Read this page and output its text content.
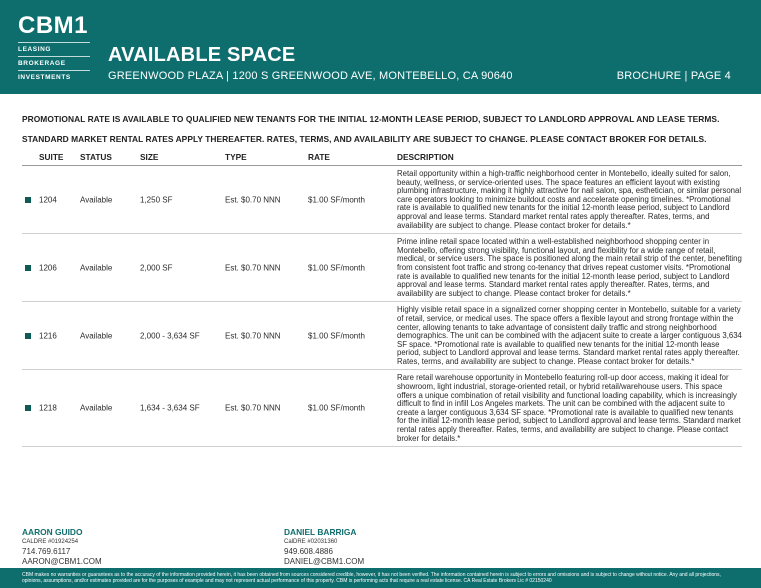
CBM1
LEASING
BROKERAGE
INVESTMENTS
AVAILABLE SPACE
GREENWOOD PLAZA | 1200 S GREENWOOD AVE, MONTEBELLO, CA 90640	BROCHURE | PAGE 4
PROMOTIONAL RATE IS AVAILABLE TO QUALIFIED NEW TENANTS FOR THE INITIAL 12-MONTH LEASE PERIOD, SUBJECT TO LANDLORD APPROVAL AND LEASE TERMS.
STANDARD MARKET RENTAL RATES APPLY THEREAFTER. RATES, TERMS, AND AVAILABILITY ARE SUBJECT TO CHANGE. PLEASE CONTACT BROKER FOR DETAILS.
SUITE STATUS	SIZE	TYPE	RATE	DESCRIPTION
1204	Available	1,250 SF	Est. $0.70 NNN	$1.00 SF/month
Retail opportunity within a high-traffic neighborhood center in Montebello, ideally suited for salon, beauty, wellness, or service-oriented uses. The space features an efficient layout with existing plumbing infrastructure, making it highly attractive for nail salon, spa, esthetician, or similar personal care operators looking to minimize buildout costs and accelerate opening timelines. *Promotional rate is available to qualified new tenants for the initial 12-month lease period, subject to Landlord approval and lease terms. Standard market rental rates apply thereafter. Rates, terms, and availability are subject to change. Please contact broker for details.*
1206	Available	2,000 SF	Est. $0.70 NNN	$1.00 SF/month
Prime inline retail space located within a well-established neighborhood shopping center in Montebello, offering strong visibility, functional layout, and flexibility for a wide range of retail, medical, or service users. The space is positioned along the main retail strip of the center, benefiting from consistent foot traffic and strong co-tenancy that drives repeat customer visits. *Promotional rate is available to qualified new tenants for the initial 12-month lease period, subject to Landlord approval and lease terms. Standard market rental rates apply thereafter. Rates, terms, and availability are subject to change. Please contact broker for details.*
1216	Available	2,000 - 3,634 SF	Est. $0.70 NNN	$1.00 SF/month
Highly visible retail space in a signalized corner shopping center in Montebello, suitable for a variety of retail, service, or medical uses. The space offers a flexible layout and strong frontage within the center, allowing tenants to take advantage of consistent daily traffic and strong neighborhood demographics. The unit can be combined with the adjacent suite to create a larger contiguous 3,634 SF space. *Promotional rate is available to qualified new tenants for the initial 12-month lease period, subject to Landlord approval and lease terms. Standard market rental rates apply thereafter. Rates, terms, and availability are subject to change. Please contact broker for details.*
1218	Available	1,634 - 3,634 SF	Est. $0.70 NNN	$1.00 SF/month
Rare retail warehouse opportunity in Montebello featuring roll-up door access, making it ideal for showroom, light industrial, storage-oriented retail, or hybrid retail/warehouse users. This space offers a unique combination of retail visibility and functional loading capability, which is increasingly difficult to find in infill Los Angeles markets. The unit can be combined with the adjacent suite to create a larger contiguous 3,634 SF space. *Promotional rate is available to qualified new tenants for the initial 12-month lease period, subject to Landlord approval and lease terms. Standard market rental rates apply thereafter. Rates, terms, and availability are subject to change. Please contact broker for details.*
AARON GUIDO
CALDRE #01924254
714.769.6117
AARON@CBM1.COM
DANIEL BARRIGA
CalDRE #02031360
949.608.4886
DANIEL@CBM1.COM
CBM makes no warranties or guarantees as to the accuracy of the information provided herein, it has been obtained from sources considered credible, however, it has not been verified. The information contained herein is subject to errors and omissions and is subject to change without notice. Any and all projections, opinions, assumptions, and/or estimates provided are for the purposes of example and may not represent actual performance of this property. CBM is performing acts that require a real estate license. CA Real Estate Brokers Lic # 02150240
